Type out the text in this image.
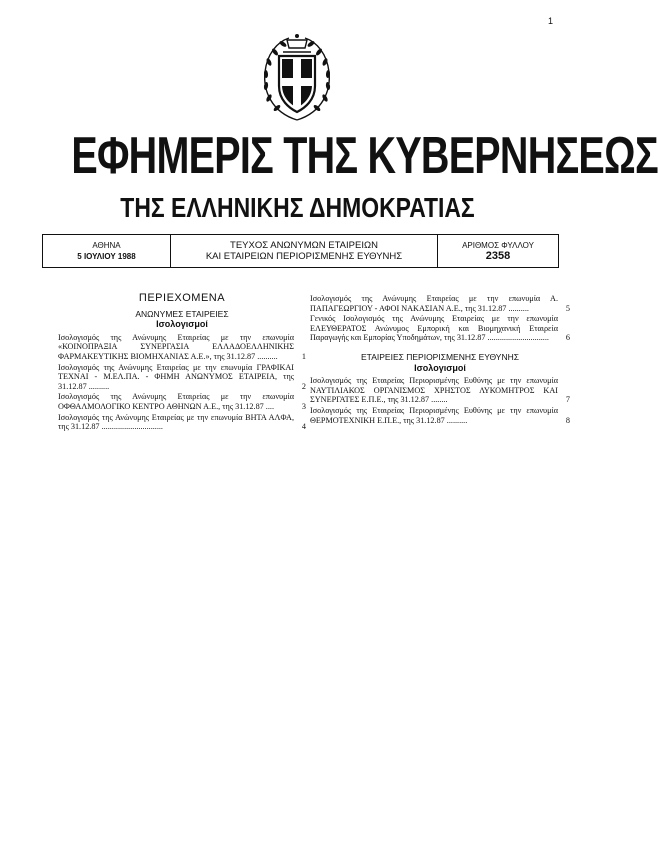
1
ΕΦΗΜΕΡΙΣ ΤΗΣ ΚΥΒΕΡΝΗΣΕΩΣ
ΤΗΣ ΕΛΛΗΝΙΚΗΣ ΔΗΜΟΚΡΑΤΙΑΣ
ΑΘΗΝΑ
5 ΙΟΥΛΙΟΥ 1988
ΤΕΥΧΟΣ ΑΝΩΝΥΜΩΝ ΕΤΑΙΡΕΙΩΝ
ΚΑΙ ΕΤΑΙΡΕΙΩΝ ΠΕΡΙΟΡΙΣΜΕΝΗΣ ΕΥΘΥΝΗΣ
ΑΡΙΘΜΟΣ ΦΥΛΛΟΥ
2358
ΠΕΡΙΕΧΟΜΕΝΑ
ΑΝΩΝΥΜΕΣ ΕΤΑΙΡΕΙΕΣ
Ισολογισμοί
Ισολογισμός της Ανώνυμης Εταιρείας με την επωνυμία «ΚΟΙΝΟΠΡΑΞΙΑ ΣΥΝΕΡΓΑΣΙΑ ΕΛΛΑΔΟΕΛΛΗΝΙΚΗΣ ΦΑΡΜΑΚΕΥΤΙΚΗΣ ΒΙΟΜΗΧΑΝΙΑΣ Α.Ε.», της 31.12.87 ..........	1
Ισολογισμός της Ανώνυμης Εταιρείας με την επωνυμία ΓΡΑΦΙΚΑΙ ΤΕΧΝΑΙ - Μ.ΕΛ.ΠΑ. - ΦΗΜΗ ΑΝΩΝΥΜΟΣ ΕΤΑΙΡΕΙΑ, της 31.12.87 ..........	2
Ισολογισμός της Ανώνυμης Εταιρείας με την επωνυμία ΟΦΘΑΛΜΟΛΟΓΙΚΟ ΚΕΝΤΡΟ ΑΘΗΝΩΝ Α.Ε., της 31.12.87 ....	3
Ισολογισμός της Ανώνυμης Εταιρείας με την επωνυμία ΒΗΤΑ ΑΛΦΑ, της 31.12.87 ..............................	4
Ισολογισμός της Ανώνυμης Εταιρείας με την επωνυμία Α. ΠΑΠΑΓΕΩΡΓΙΟΥ - ΑΦΟΙ ΝΑΚΑΣΙΑΝ Α.Ε., της 31.12.87 ..........	5
Γενικός Ισολογισμός της Ανώνυμης Εταιρείας με την επωνυμία ΕΛΕΥΘΕΡΑΤΟΣ Ανώνυμος Εμπορική και Βιομηχανική Εταιρεία Παραγωγής και Εμπορίας Υποδημάτων, της 31.12.87 ..............................	6
ΕΤΑΙΡΕΙΕΣ ΠΕΡΙΟΡΙΣΜΕΝΗΣ ΕΥΘΥΝΗΣ
Ισολογισμοί
Ισολογισμός της Εταιρείας Περιορισμένης Ευθύνης με την επωνυμία ΝΑΥΤΙΛΙΑΚΟΣ ΟΡΓΑΝΙΣΜΟΣ ΧΡΗΣΤΟΣ ΛΥΚΟΜΗΤΡΟΣ ΚΑΙ ΣΥΝΕΡΓΑΤΕΣ Ε.Π.Ε., της 31.12.87 ........	7
Ισολογισμός της Εταιρείας Περιορισμένης Ευθύνης με την επωνυμία ΘΕΡΜΟΤΕΧΝΙΚΗ Ε.Π.Ε., της 31.12.87 ..........	8
